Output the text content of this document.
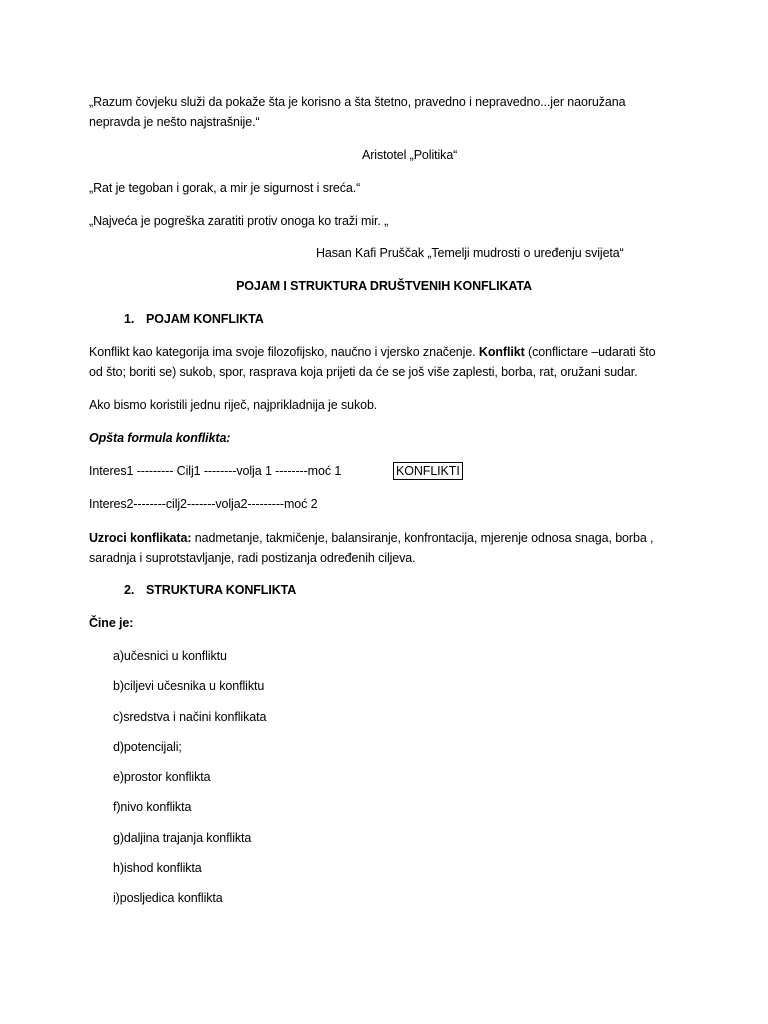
„Razum čovjeku služi da pokaže šta je korisno a šta štetno, pravedno i nepravedno...jer naoružana
nepravda je nešto najstrašnije.“
Aristotel „Politika“
„Rat je tegoban i gorak, a mir je sigurnost i sreća.“
„Najveća je pogreška zaratiti protiv onoga ko traži mir. „
Hasan Kafi Pruščak „Temelji mudrosti o uređenju svijeta“
POJAM I STRUKTURA DRUŠTVENIH KONFLIKATA
1. POJAM KONFLIKTA
Konflikt kao kategorija ima svoje filozofijsko, naučno i vjersko značenje. Konflikt (conflictare –udarati što
od što; boriti se) sukob, spor, rasprava koja prijeti da će se još više zaplesti, borba, rat, oružani sudar.
Ako bismo koristili jednu riječ, najprikladnija je sukob.
Opšta formula konflikta:
Interes1 --------- Cilj1 --------volja 1 --------moć 1	KONFLIKTI
Interes2--------cilj2-------volja2---------moć 2
Uzroci konflikata: nadmetanje, takmičenje, balansiranje, konfrontacija, mjerenje odnosa snaga, borba ,
saradnja i suprotstavljanje, radi postizanja određenih ciljeva.
2. STRUKTURA KONFLIKTA
Čine je:
a)učesnici u konfliktu
b)ciljevi učesnika u konfliktu
c)sredstva i načini konflikata
d)potencijali;
e)prostor konflikta
f)nivo konflikta
g)daljina trajanja konflikta
h)ishod konflikta
i)posljedica konflikta
